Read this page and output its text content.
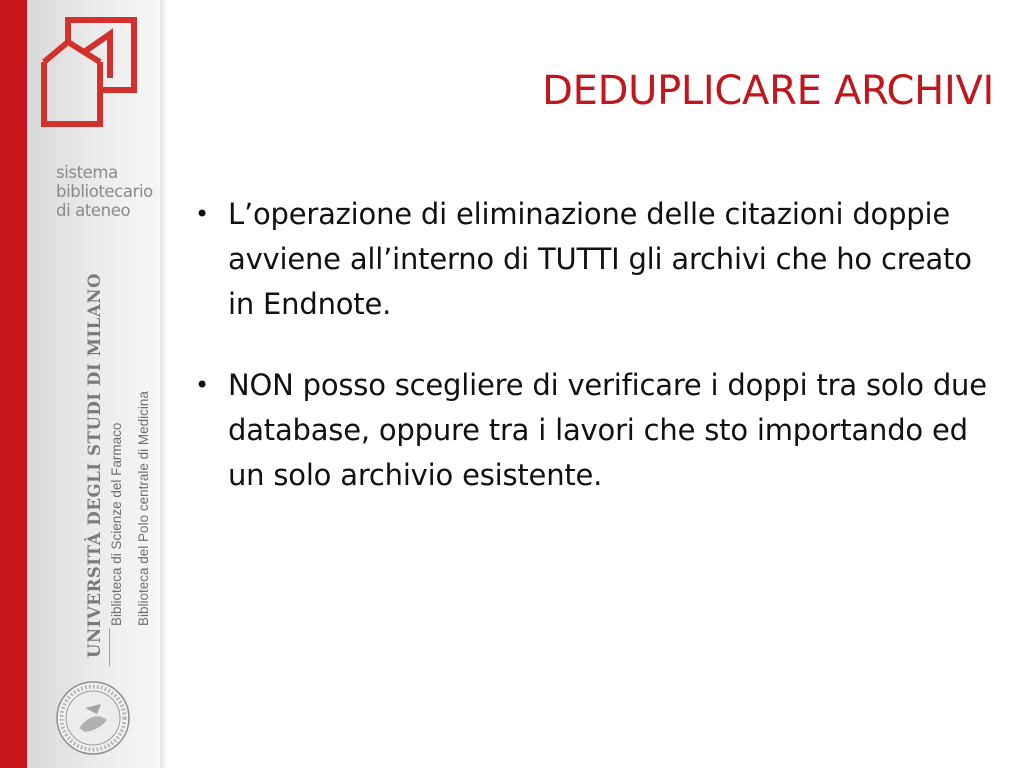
sistema
bibliotecario
di ateneo
UNIVERSITÀ DEGLI STUDI DI MILANO Biblioteca di Scienze del Farmaco Biblioteca del Polo centrale di Medicina
DEDUPLICARE ARCHIVI
• L’operazione di eliminazione delle citazioni doppie avviene all’interno di TUTTI gli archivi che ho creato in Endnote.
• NON posso scegliere di verificare i doppi tra solo due database, oppure tra i lavori che sto importando ed un solo archivio esistente.
